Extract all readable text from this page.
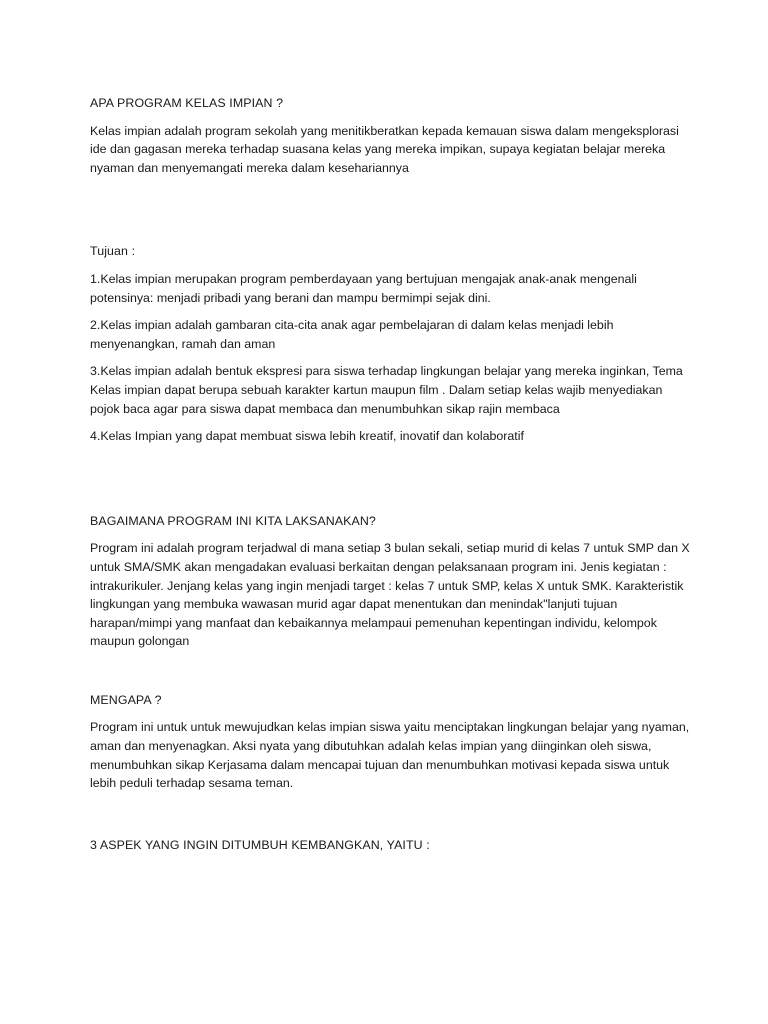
APA PROGRAM KELAS IMPIAN ?

Kelas impian adalah program sekolah yang menitikberatkan kepada kemauan siswa dalam mengeksplorasi ide dan gagasan mereka terhadap suasana kelas yang mereka impikan, supaya kegiatan belajar mereka nyaman dan menyemangati mereka dalam kesehariannya

Tujuan :

1.Kelas impian merupakan program pemberdayaan yang bertujuan mengajak anak-anak mengenali potensinya: menjadi pribadi yang berani dan mampu bermimpi sejak dini.

2.Kelas impian adalah gambaran cita-cita anak agar pembelajaran di dalam kelas menjadi lebih menyenangkan, ramah dan aman

3.Kelas impian adalah bentuk ekspresi para siswa terhadap lingkungan belajar yang mereka inginkan, Tema Kelas impian dapat berupa sebuah karakter kartun maupun film . Dalam setiap kelas wajib menyediakan pojok baca agar para siswa dapat membaca dan menumbuhkan sikap rajin membaca

4.Kelas Impian yang dapat membuat siswa lebih kreatif, inovatif dan kolaboratif

BAGAIMANA PROGRAM INI KITA LAKSANAKAN?

Program ini adalah program terjadwal di mana setiap 3 bulan sekali, setiap murid di kelas 7 untuk SMP dan X untuk SMA/SMK akan mengadakan evaluasi berkaitan dengan pelaksanaan program ini. Jenis kegiatan : intrakurikuler. Jenjang kelas yang ingin menjadi target : kelas 7 untuk SMP, kelas X untuk SMK. Karakteristik lingkungan yang membuka wawasan murid agar dapat menentukan dan menindak"lanjuti tujuan harapan/mimpi yang manfaat dan kebaikannya melampaui pemenuhan kepentingan individu, kelompok maupun golongan

MENGAPA ?

Program ini untuk untuk mewujudkan kelas impian siswa yaitu menciptakan lingkungan belajar yang nyaman, aman dan menyenagkan. Aksi nyata yang dibutuhkan adalah kelas impian yang diinginkan oleh siswa, menumbuhkan sikap Kerjasama dalam mencapai tujuan dan menumbuhkan motivasi kepada siswa untuk lebih peduli terhadap sesama teman.

3 ASPEK YANG INGIN DITUMBUH KEMBANGKAN, YAITU :
